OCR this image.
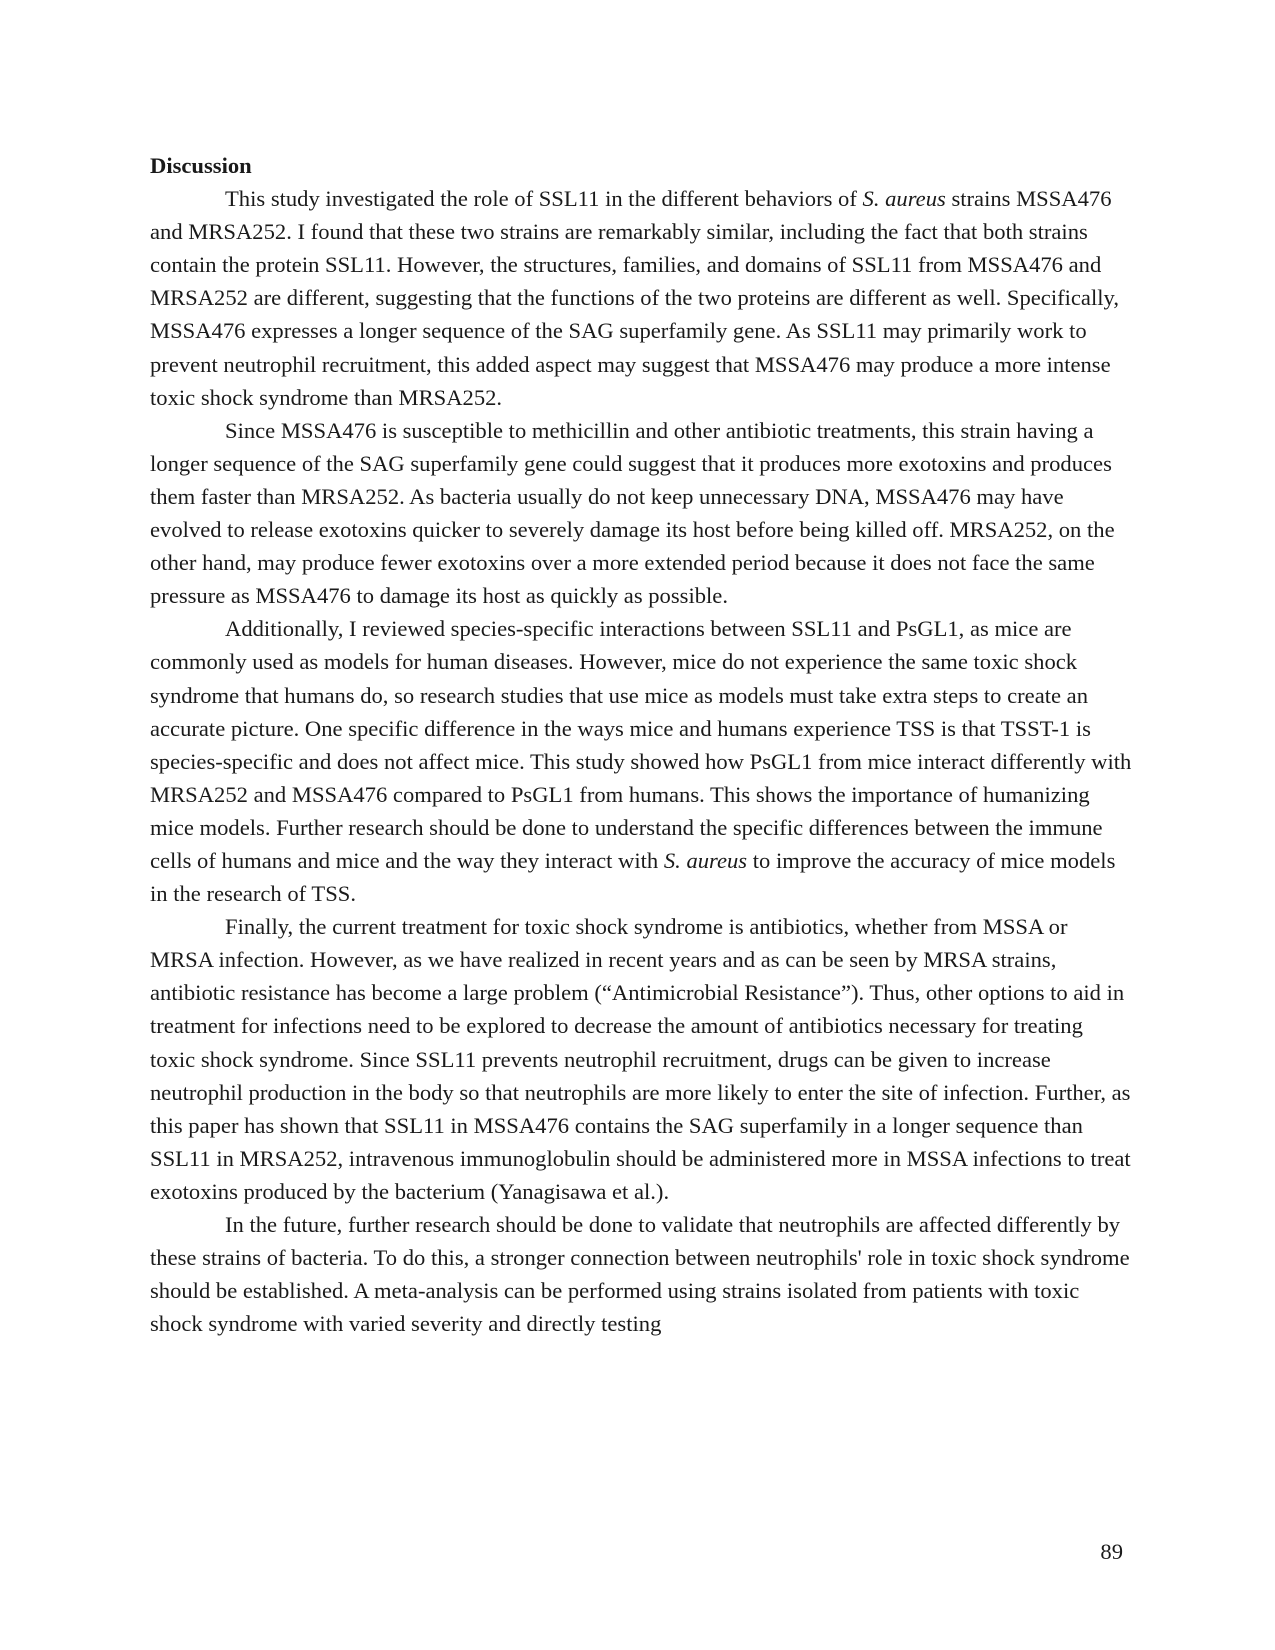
Discussion

This study investigated the role of SSL11 in the different behaviors of S. aureus strains MSSA476 and MRSA252. I found that these two strains are remarkably similar, including the fact that both strains contain the protein SSL11. However, the structures, families, and domains of SSL11 from MSSA476 and MRSA252 are different, suggesting that the functions of the two proteins are different as well. Specifically, MSSA476 expresses a longer sequence of the SAG superfamily gene. As SSL11 may primarily work to prevent neutrophil recruitment, this added aspect may suggest that MSSA476 may produce a more intense toxic shock syndrome than MRSA252.

Since MSSA476 is susceptible to methicillin and other antibiotic treatments, this strain having a longer sequence of the SAG superfamily gene could suggest that it produces more exotoxins and produces them faster than MRSA252. As bacteria usually do not keep unnecessary DNA, MSSA476 may have evolved to release exotoxins quicker to severely damage its host before being killed off. MRSA252, on the other hand, may produce fewer exotoxins over a more extended period because it does not face the same pressure as MSSA476 to damage its host as quickly as possible.

Additionally, I reviewed species-specific interactions between SSL11 and PsGL1, as mice are commonly used as models for human diseases. However, mice do not experience the same toxic shock syndrome that humans do, so research studies that use mice as models must take extra steps to create an accurate picture. One specific difference in the ways mice and humans experience TSS is that TSST-1 is species-specific and does not affect mice. This study showed how PsGL1 from mice interact differently with MRSA252 and MSSA476 compared to PsGL1 from humans. This shows the importance of humanizing mice models. Further research should be done to understand the specific differences between the immune cells of humans and mice and the way they interact with S. aureus to improve the accuracy of mice models in the research of TSS.

Finally, the current treatment for toxic shock syndrome is antibiotics, whether from MSSA or MRSA infection. However, as we have realized in recent years and as can be seen by MRSA strains, antibiotic resistance has become a large problem (“Antimicrobial Resistance”). Thus, other options to aid in treatment for infections need to be explored to decrease the amount of antibiotics necessary for treating toxic shock syndrome. Since SSL11 prevents neutrophil recruitment, drugs can be given to increase neutrophil production in the body so that neutrophils are more likely to enter the site of infection. Further, as this paper has shown that SSL11 in MSSA476 contains the SAG superfamily in a longer sequence than SSL11 in MRSA252, intravenous immunoglobulin should be administered more in MSSA infections to treat exotoxins produced by the bacterium (Yanagisawa et al.).

In the future, further research should be done to validate that neutrophils are affected differently by these strains of bacteria. To do this, a stronger connection between neutrophils' role in toxic shock syndrome should be established. A meta-analysis can be performed using strains isolated from patients with toxic shock syndrome with varied severity and directly testing

89
